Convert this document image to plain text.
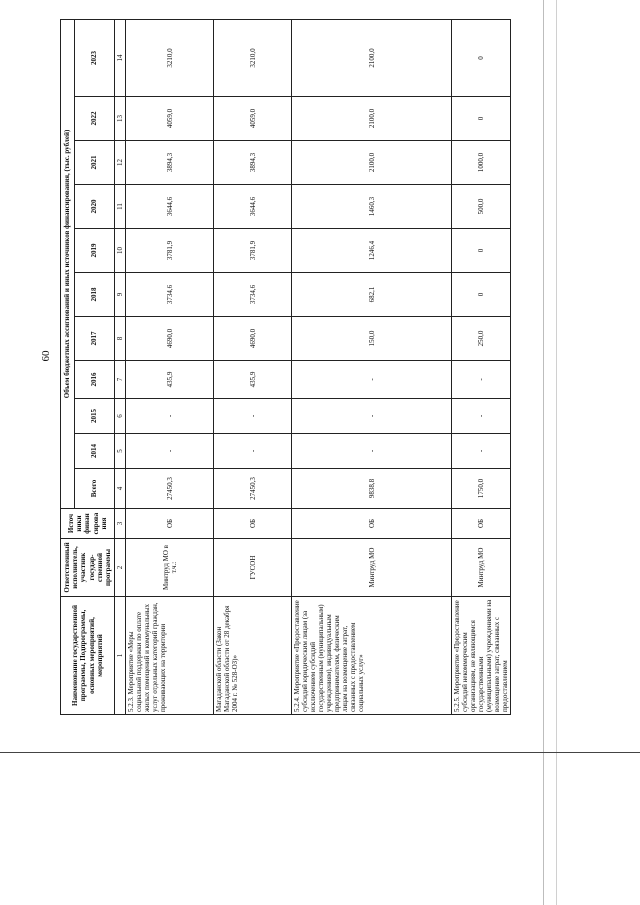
60
Наименование государственной программы, Подпрограммы, основных мероприятий, мероприятий	Ответственный исполнитель, участник государ-ственной программы	Источ ники финан сирова ния	Объем бюджетных ассигнований и иных источников финансирования, (тыс. рублей)										
			Всего	2014	2015	2016	2017	2018	2019	2020	2021	2022	2023
1	2	3	4	5	6	7	8	9	10	11	12	13	14
5.2.3. Мероприятие «Меры социальной поддержки по оплате жилых помещений и коммунальных услуг отдельных категорий граждан, проживающих на территории	Минтруд МО в т.ч.:	ОБ	27450,3	-	-	435,9	4690,0	3734,6	3781,9	3644,6	3894,3	4059,0	3210,0
Магаданской области (Закон Магаданской области от 28 декабря 2004 г. № 528-ОЗ)»	ГУСОН	ОБ	27450,3	-	-	435,9	4690,0	3734,6	3781,9	3644,6	3894,3	4059,0	3210,0
5.2.4. Мероприятие «Предоставление субсидий юридическим лицам (за исключением субсидий государственным (муниципальным) учреждениям), индивидуальным предпринимателям, физическим лицам на возмещение затрат, связанных с предоставлением социальных услуг»	Минтруд МО	ОБ	9838,8	-	-	-	150,0	682,1	1246,4	1460,3	2100,0	2100,0	2100,0
5.2.5. Мероприятие «Предоставление субсидий некоммерческим организациям, не являющимся государственными (муниципальными) учреждениями на возмещение затрат, связанных с предоставлением	Минтруд МО	ОБ	1750,0	-	-	-	250,0	0	0	500,0	1000,0	0	0
